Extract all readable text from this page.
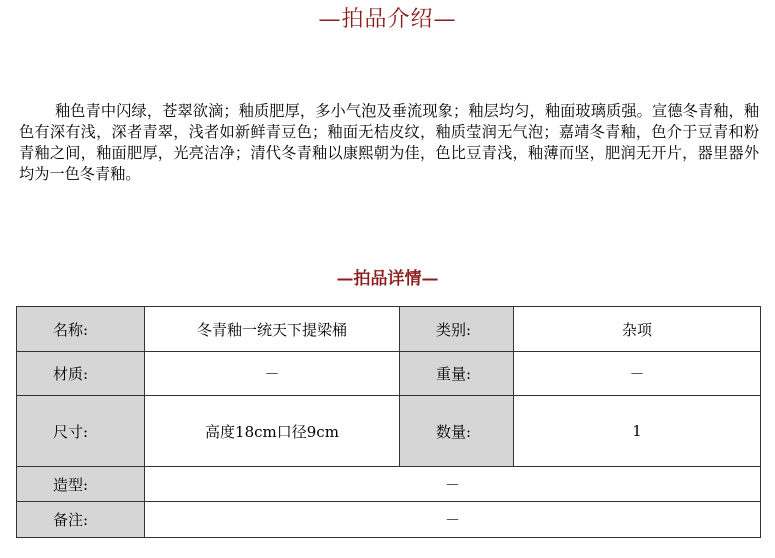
—拍品介绍—
釉色青中闪绿，苍翠欲滴；釉质肥厚，多小气泡及垂流现象；釉层均匀，釉面玻璃质强。宣德冬青釉，釉色有深有浅，深者青翠，浅者如新鲜青豆色；釉面无桔皮纹，釉质莹润无气泡；嘉靖冬青釉，色介于豆青和粉青釉之间，釉面肥厚，光亮洁净；清代冬青釉以康熙朝为佳，色比豆青浅，釉薄而坚，肥润无开片，器里器外均为一色冬青釉。
—拍品详情—
名称:	冬青釉一统天下提梁桶	类别:	杂项
材质:	－	重量:	－
尺寸:	高度18cm口径9cm	数量:	1
造型:	－		
备注:	－		
